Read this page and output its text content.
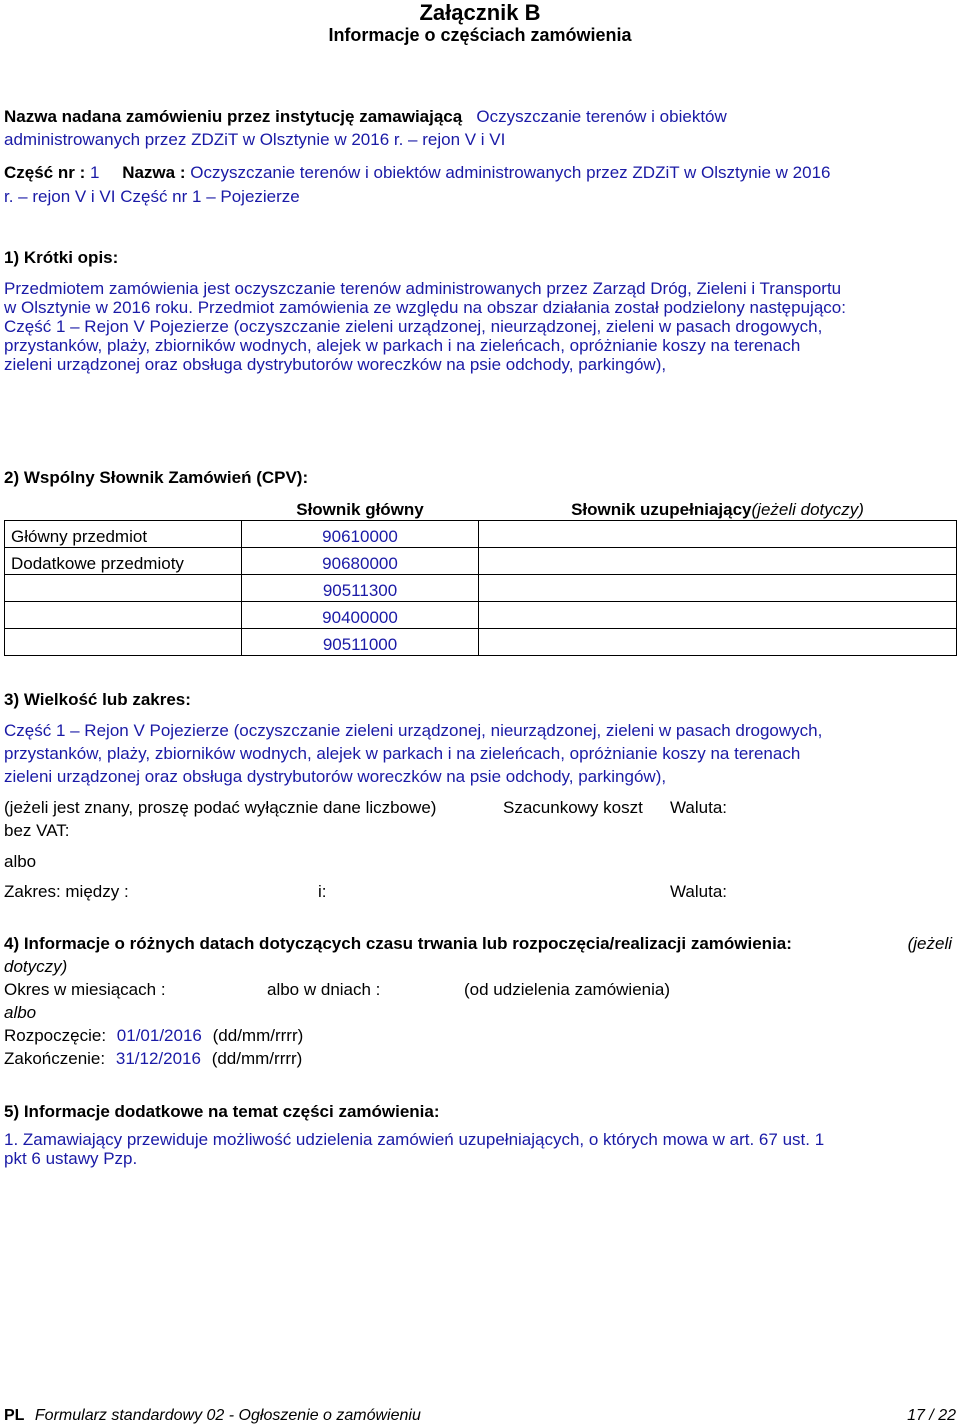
Załącznik B
Informacje o częściach zamówienia
Nazwa nadana zamówieniu przez instytucję zamawiającą Oczyszczanie terenów i obiektów
administrowanych przez ZDZiT w Olsztynie w 2016 r. – rejon V i VI
Część nr : 1 Nazwa : Oczyszczanie terenów i obiektów administrowanych przez ZDZiT w Olsztynie w 2016
r. – rejon V i VI Część nr 1 – Pojezierze
1) Krótki opis:
Przedmiotem zamówienia jest oczyszczanie terenów administrowanych przez Zarząd Dróg, Zieleni i Transportu
w Olsztynie w 2016 roku. Przedmiot zamówienia ze względu na obszar działania został podzielony następująco:
Część 1 – Rejon V Pojezierze (oczyszczanie zieleni urządzonej, nieurządzonej, zieleni w pasach drogowych,
przystanków, plaży, zbiorników wodnych, alejek w parkach i na zieleńcach, opróżnianie koszy na terenach
zieleni urządzonej oraz obsługa dystrybutorów woreczków na psie odchody, parkingów),
2) Wspólny Słownik Zamówień (CPV):
	Słownik główny	Słownik uzupełniający(jeżeli dotyczy)
Główny przedmiot	90610000	
Dodatkowe przedmioty	90680000	
	90511300	
	90400000	
	90511000	
3) Wielkość lub zakres:
Część 1 – Rejon V Pojezierze (oczyszczanie zieleni urządzonej, nieurządzonej, zieleni w pasach drogowych,
przystanków, plaży, zbiorników wodnych, alejek w parkach i na zieleńcach, opróżnianie koszy na terenach
zieleni urządzonej oraz obsługa dystrybutorów woreczków na psie odchody, parkingów),
(jeżeli jest znany, proszę podać wyłącznie dane liczbowe)	Szacunkowy koszt Waluta:
bez VAT:
albo
Zakres: między :	i:	Waluta:
4) Informacje o różnych datach dotyczących czasu trwania lub rozpoczęcia/realizacji zamówienia:	(jeżeli
dotyczy)
Okres w miesiącach :	albo w dniach :	(od udzielenia zamówienia)
albo
Rozpoczęcie: 01/01/2016 (dd/mm/rrrr)
Zakończenie: 31/12/2016 (dd/mm/rrrr)
5) Informacje dodatkowe na temat części zamówienia:
1. Zamawiający przewiduje możliwość udzielenia zamówień uzupełniających, o których mowa w art. 67 ust. 1
pkt 6 ustawy Pzp.
PL Formularz standardowy 02 - Ogłoszenie o zamówieniu	17 / 22
